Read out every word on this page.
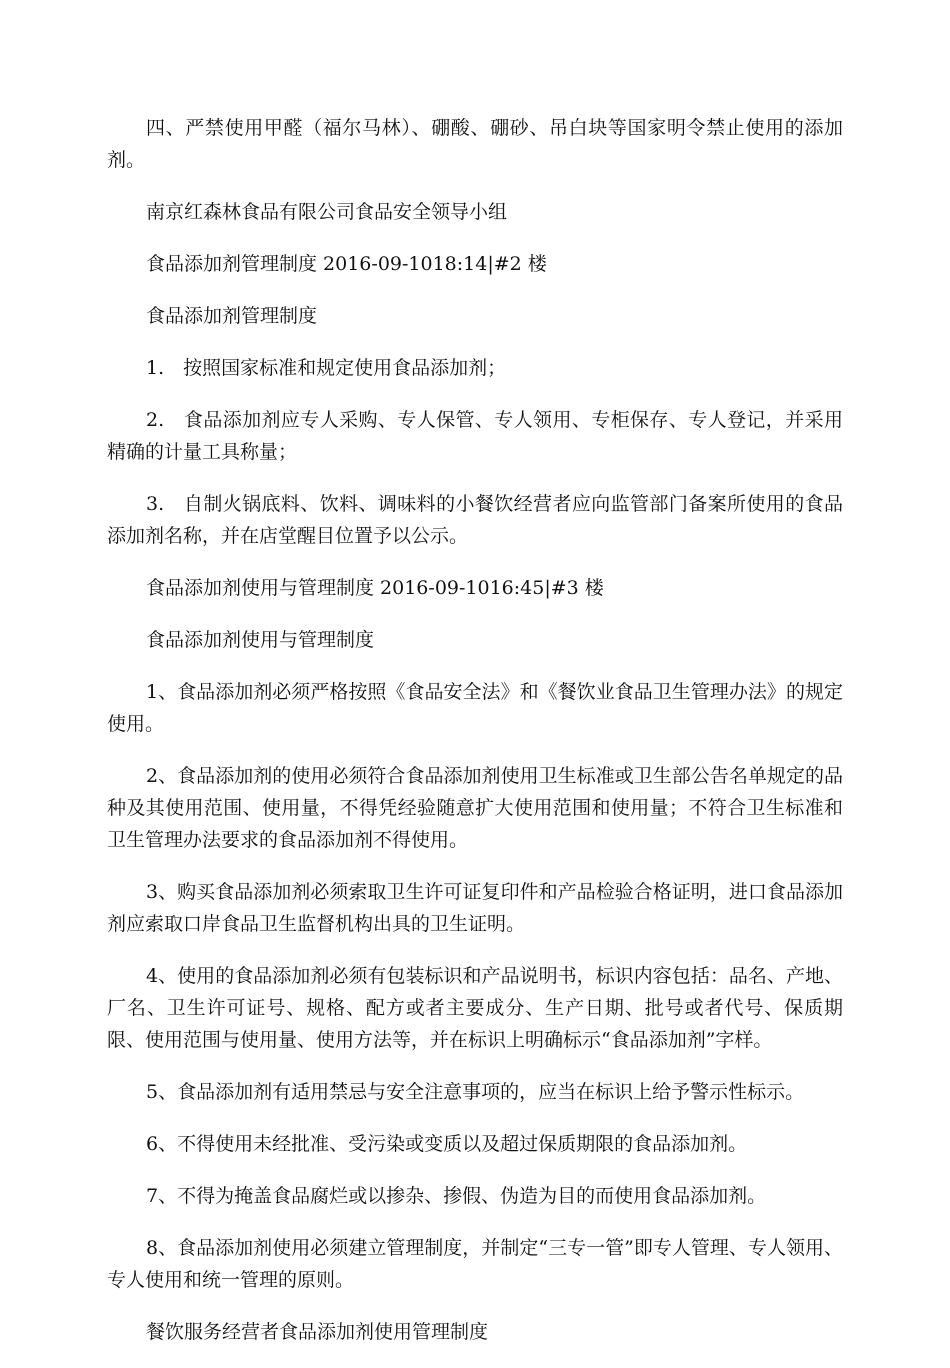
四、严禁使用甲醛（福尔马林）、硼酸、硼砂、吊白块等国家明令禁止使用的添加剂。

南京红森林食品有限公司食品安全领导小组

食品添加剂管理制度 2016-09-1018:14|#2 楼

食品添加剂管理制度

1.　按照国家标准和规定使用食品添加剂；

2.　食品添加剂应专人采购、专人保管、专人领用、专柜保存、专人登记，并采用精确的计量工具称量；

3.　自制火锅底料、饮料、调味料的小餐饮经营者应向监管部门备案所使用的食品添加剂名称，并在店堂醒目位置予以公示。

食品添加剂使用与管理制度 2016-09-1016:45|#3 楼

食品添加剂使用与管理制度

1、食品添加剂必须严格按照《食品安全法》和《餐饮业食品卫生管理办法》的规定使用。

2、食品添加剂的使用必须符合食品添加剂使用卫生标准或卫生部公告名单规定的品种及其使用范围、使用量，不得凭经验随意扩大使用范围和使用量；不符合卫生标准和卫生管理办法要求的食品添加剂不得使用。

3、购买食品添加剂必须索取卫生许可证复印件和产品检验合格证明，进口食品添加剂应索取口岸食品卫生监督机构出具的卫生证明。

4、使用的食品添加剂必须有包装标识和产品说明书，标识内容包括：品名、产地、厂名、卫生许可证号、规格、配方或者主要成分、生产日期、批号或者代号、保质期限、使用范围与使用量、使用方法等，并在标识上明确标示“食品添加剂”字样。

5、食品添加剂有适用禁忌与安全注意事项的，应当在标识上给予警示性标示。

6、不得使用未经批准、受污染或变质以及超过保质期限的食品添加剂。

7、不得为掩盖食品腐烂或以掺杂、掺假、伪造为目的而使用食品添加剂。

8、食品添加剂使用必须建立管理制度，并制定“三专一管”即专人管理、专人领用、专人使用和统一管理的原则。

餐饮服务经营者食品添加剂使用管理制度
